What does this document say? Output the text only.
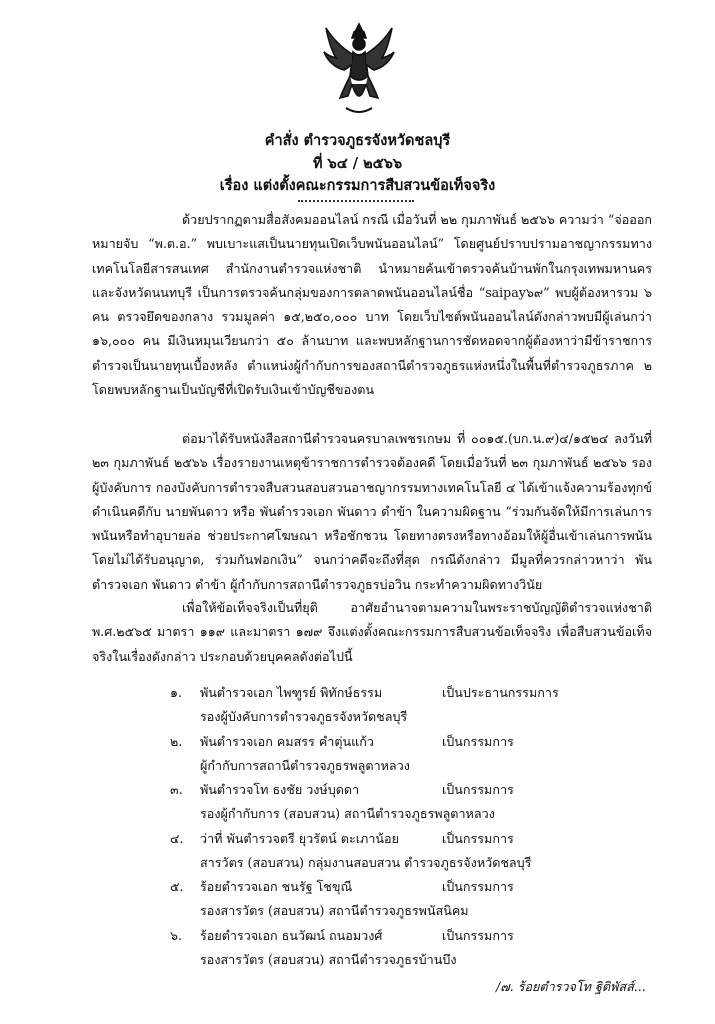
คำสั่ง ตำรวจภูธรจังหวัดชลบุรี
ที่ ๖๔ / ๒๕๖๖
เรื่อง แต่งตั้งคณะกรรมการสืบสวนข้อเท็จจริง
ด้วยปรากฏตามสื่อสังคมออนไลน์ กรณี เมื่อวันที่ ๒๒ กุมภาพันธ์ ๒๕๖๖ ความว่า “จ่อออกหมายจับ “พ.ต.อ.” พบเบาะแสเป็นนายทุนเปิดเว็บพนันออนไลน์” โดยศูนย์ปราบปรามอาชญากรรมทางเทคโนโลยีสารสนเทศ สำนักงานตำรวจแห่งชาติ นำหมายค้นเข้าตรวจค้นบ้านพักในกรุงเทพมหานคร และจังหวัดนนทบุรี เป็นการตรวจค้นกลุ่มของการตลาดพนันออนไลน์ชื่อ “saipay๖๙” พบผู้ต้องหารวม ๖ คน ตรวจยึดของกลาง รวมมูลค่า ๑๕,๒๕๐,๐๐๐ บาท โดยเว็บไซต์พนันออนไลน์ดังกล่าวพบมีผู้เล่นกว่า ๑๖,๐๐๐ คน มีเงินหมุนเวียนกว่า ๕๐ ล้านบาท และพบหลักฐานการชัดหอดจากผู้ต้องหาว่ามีข้าราชการตำรวจเป็นนายทุนเบื้องหลัง ตำแหน่งผู้กำกับการของสถานีตำรวจภูธรแห่งหนึ่งในพื้นที่ตำรวจภูธรภาค ๒ โดยพบหลักฐานเป็นบัญชีที่เปิดรับเงินเข้าบัญชีของตน
ต่อมาได้รับหนังสือสถานีตำรวจนครบาลเพชรเกษม ที่ ๐๐๑๕.(บก.น.๙)๔/๑๕๒๔ ลงวันที่ ๒๓ กุมภาพันธ์ ๒๕๖๖ เรื่องรายงานเหตุข้าราชการตำรวจต้องคดี โดยเมื่อวันที่ ๒๓ กุมภาพันธ์ ๒๕๖๖ รองผู้บังคับการ กองบังคับการตำรวจสืบสวนสอบสวนอาชญากรรมทางเทคโนโลยี ๔ ได้เข้าแจ้งความร้องทุกข์ดำเนินคดีกับ นายพันดาว หรือ พันตำรวจเอก พันดาว ดำข้า ในความผิดฐาน “ร่วมกันจัดให้มีการเล่นการพนันหรือทำอุบายล่อ ช่วยประกาศโฆษณา หรือชักชวน โดยทางตรงหรือทางอ้อมให้ผู้อื่นเข้าเล่นการพนัน โดยไม่ได้รับอนุญาต, ร่วมกันฟอกเงิน” จนกว่าคดีจะถึงที่สุด กรณีดังกล่าว มีมูลที่ควรกล่าวหาว่า พันตำรวจเอก พันดาว ดำข้า ผู้กำกับการสถานีตำรวจภูธรบ่อวิน กระทำความผิดทางวินัย
เพื่อให้ข้อเท็จจริงเป็นที่ยุติ อาศัยอำนาจตามความในพระราชบัญญัติตำรวจแห่งชาติ พ.ศ.๒๕๖๕ มาตรา ๑๑๙ และมาตรา ๑๗๙ จึงแต่งตั้งคณะกรรมการสืบสวนข้อเท็จจริง เพื่อสืบสวนข้อเท็จจริงในเรื่องดังกล่าว ประกอบด้วยบุคคลดังต่อไปนี้
๑. พันตำรวจเอก ไพฑูรย์ พิทักษ์ธรรม	เป็นประธานกรรมการ
รองผู้บังคับการตำรวจภูธรจังหวัดชลบุรี
๒. พันตำรวจเอก คมสรร คำตุ่นแก้ว	เป็นกรรมการ
ผู้กำกับการสถานีตำรวจภูธรพลูตาหลวง
๓. พันตำรวจโท ธงชัย วงษ์บุดดา	เป็นกรรมการ
รองผู้กำกับการ (สอบสวน) สถานีตำรวจภูธรพลูตาหลวง
๔. ว่าที่ พันตำรวจตรี ยุวรัตน์ ตะเภาน้อย	เป็นกรรมการ
สารวัตร (สอบสวน) กลุ่มงานสอบสวน ตำรวจภูธรจังหวัดชลบุรี
๕. ร้อยตำรวจเอก ชนรัฐ โชขุณี	เป็นกรรมการ
รองสารวัตร (สอบสวน) สถานีตำรวจภูธรพนัสนิคม
๖. ร้อยตำรวจเอก ธนวัฒน์ ถนอมวงศ์	เป็นกรรมการ
รองสารวัตร (สอบสวน) สถานีตำรวจภูธรบ้านบึง
/๗. ร้อยตำรวจโท ฐิติพัสส์...
